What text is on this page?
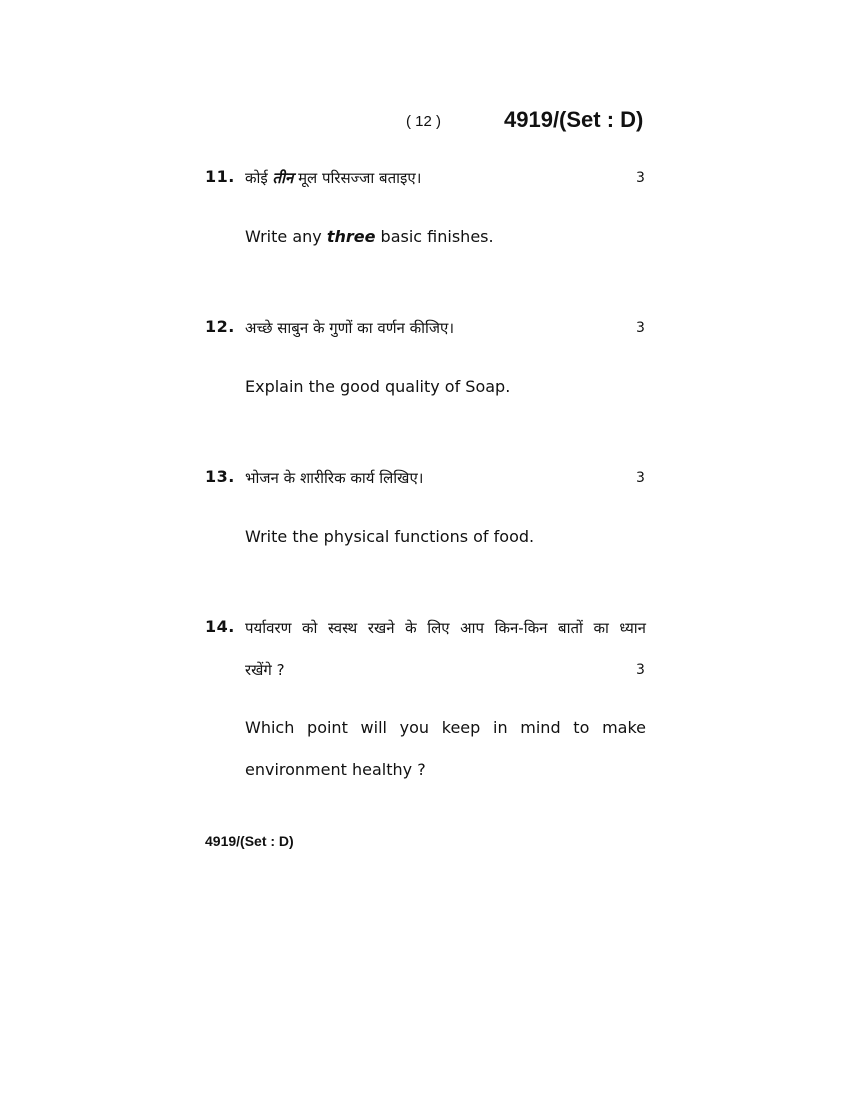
( 12 )	4919/(Set : D)
11. कोई तीन मूल परिसज्जा बताइए।	3
Write any three basic finishes.
12. अच्छे साबुन के गुणों का वर्णन कीजिए।	3
Explain the good quality of Soap.
13. भोजन के शारीरिक कार्य लिखिए।	3
Write the physical functions of food.
14. पर्यावरण को स्वस्थ रखने के लिए आप किन-किन बातों का ध्यान
रखेंगे ?	3
Which point will you keep in mind to make
environment healthy ?
4919/(Set : D)
